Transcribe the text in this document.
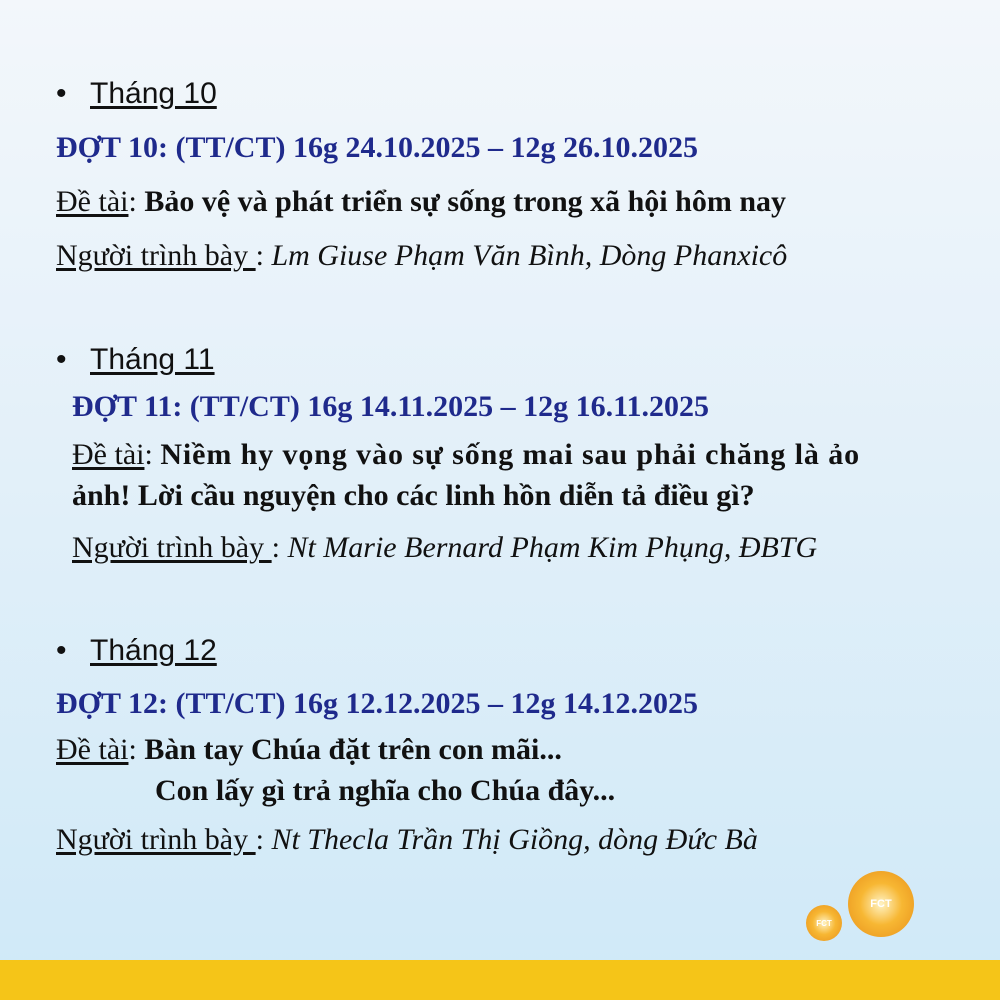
• Tháng 10
ĐỢT 10: (TT/CT) 16g 24.10.2025 – 12g 26.10.2025
Đề tài: Bảo vệ và phát triển sự sống trong xã hội hôm nay
Người trình bày : Lm Giuse Phạm Văn Bình, Dòng Phanxicô
• Tháng 11
ĐỢT 11: (TT/CT) 16g 14.11.2025 – 12g 16.11.2025
Đề tài: Niềm hy vọng vào sự sống mai sau phải chăng là ảo
ảnh! Lời cầu nguyện cho các linh hồn diễn tả điều gì?
Người trình bày : Nt Marie Bernard Phạm Kim Phụng, ĐBTG
• Tháng 12
ĐỢT 12: (TT/CT) 16g 12.12.2025 – 12g 14.12.2025
Đề tài: Bàn tay Chúa đặt trên con mãi...
Con lấy gì trả nghĩa cho Chúa đây...
Người trình bày : Nt Thecla Trần Thị Giồng, dòng Đức Bà
FCT
FCT
